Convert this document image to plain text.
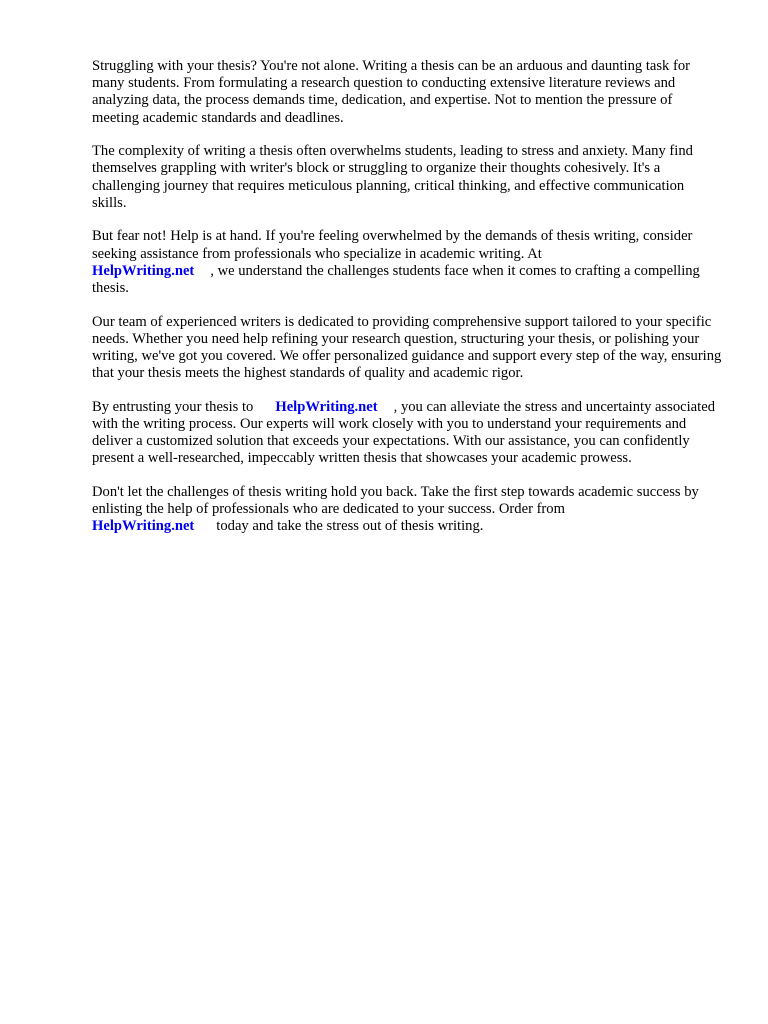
Struggling with your thesis? You're not alone. Writing a thesis can be an arduous and daunting task for many students. From formulating a research question to conducting extensive literature reviews and analyzing data, the process demands time, dedication, and expertise. Not to mention the pressure of meeting academic standards and deadlines.

The complexity of writing a thesis often overwhelms students, leading to stress and anxiety. Many find themselves grappling with writer's block or struggling to organize their thoughts cohesively. It's a challenging journey that requires meticulous planning, critical thinking, and effective communication skills.

But fear not! Help is at hand. If you're feeling overwhelmed by the demands of thesis writing, consider seeking assistance from professionals who specialize in academic writing. At
HelpWriting.net , we understand the challenges students face when it comes to crafting a compelling thesis.

Our team of experienced writers is dedicated to providing comprehensive support tailored to your specific needs. Whether you need help refining your research question, structuring your thesis, or polishing your writing, we've got you covered. We offer personalized guidance and support every step of the way, ensuring that your thesis meets the highest standards of quality and academic rigor.

By entrusting your thesis to HelpWriting.net , you can alleviate the stress and uncertainty associated with the writing process. Our experts will work closely with you to understand your requirements and deliver a customized solution that exceeds your expectations. With our assistance, you can confidently present a well-researched, impeccably written thesis that showcases your academic prowess.

Don't let the challenges of thesis writing hold you back. Take the first step towards academic success by enlisting the help of professionals who are dedicated to your success. Order from
HelpWriting.net today and take the stress out of thesis writing.
